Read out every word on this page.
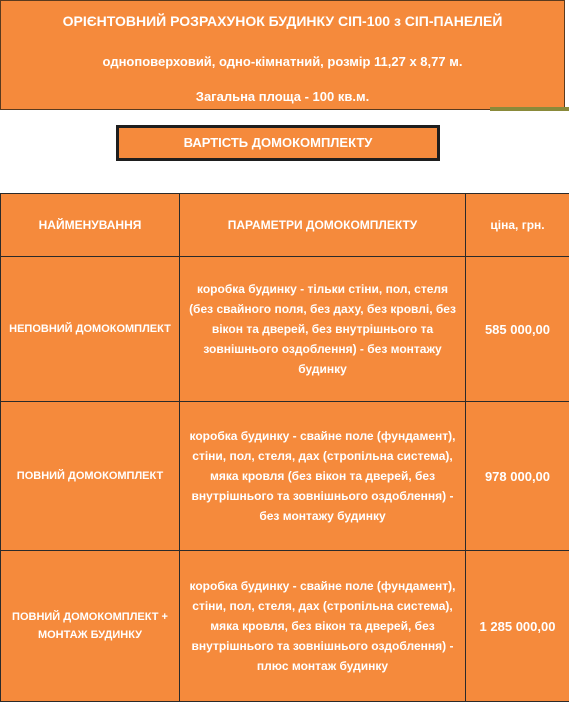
ОРІЄНТОВНИЙ РОЗРАХУНОК БУДИНКУ СІП-100 з СІП-ПАНЕЛЕЙ
одноповерховий, одно-кімнатний, розмір 11,27 х 8,77 м.
Загальна площа - 100 кв.м.
ВАРТІСТЬ ДОМОКОМПЛЕКТУ
НАЙМЕНУВАННЯ	ПАРАМЕТРИ ДОМОКОМПЛЕКТУ	ціна, грн.
НЕПОВНИЙ ДОМОКОМПЛЕКТ	коробка будинку - тільки стіни, пол, стеля (без свайного поля, без даху, без кровлі, без вікон та дверей, без внутрішнього та зовнішнього оздоблення) - без монтажу будинку	585 000,00
ПОВНИЙ ДОМОКОМПЛЕКТ	коробка будинку - свайне поле (фундамент), стіни, пол, стеля, дах (стропільна система), мяка кровля (без вікон та дверей, без внутрішнього та зовнішнього оздоблення) - без монтажу будинку	978 000,00
ПОВНИЙ ДОМОКОМПЛЕКТ + МОНТАЖ БУДИНКУ	коробка будинку - свайне поле (фундамент), стіни, пол, стеля, дах (стропільна система), мяка кровля, без вікон та дверей, без внутрішнього та зовнішнього оздоблення) - плюс монтаж будинку	1 285 000,00
